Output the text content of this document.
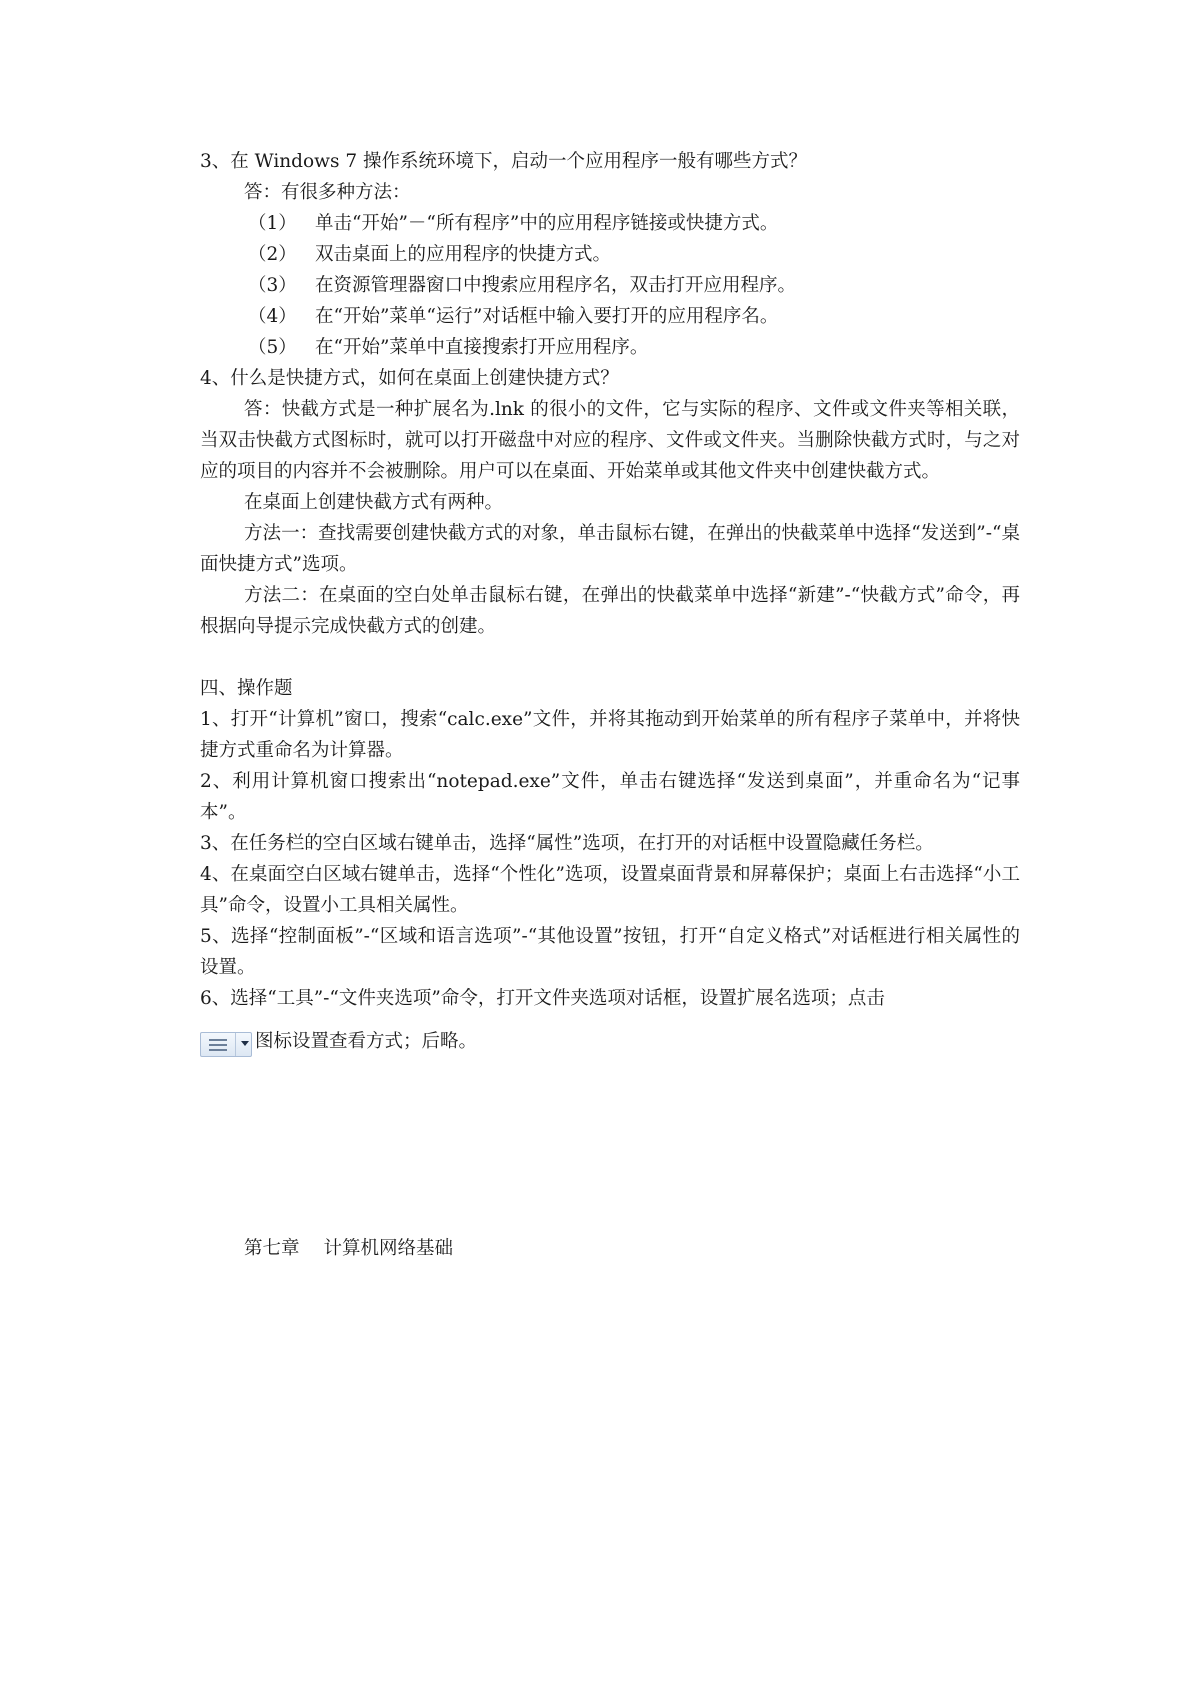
3、在 Windows 7 操作系统环境下，启动一个应用程序一般有哪些方式？

答：有很多种方法：

（1） 单击“开始”－“所有程序”中的应用程序链接或快捷方式。
（2） 双击桌面上的应用程序的快捷方式。
（3） 在资源管理器窗口中搜索应用程序名，双击打开应用程序。
（4） 在“开始”菜单“运行”对话框中输入要打开的应用程序名。
（5） 在“开始”菜单中直接搜索打开应用程序。

4、什么是快捷方式，如何在桌面上创建快捷方式？

答：快截方式是一种扩展名为.lnk 的很小的文件，它与实际的程序、文件或文件夹等相关联，当双击快截方式图标时，就可以打开磁盘中对应的程序、文件或文件夹。当删除快截方式时，与之对应的项目的内容并不会被删除。用户可以在桌面、开始菜单或其他文件夹中创建快截方式。

在桌面上创建快截方式有两种。

方法一：查找需要创建快截方式的对象，单击鼠标右键，在弹出的快截菜单中选择“发送到”-“桌面快捷方式”选项。

方法二：在桌面的空白处单击鼠标右键，在弹出的快截菜单中选择“新建”-“快截方式”命令，再根据向导提示完成快截方式的创建。

四、操作题

1、打开“计算机”窗口，搜索“calc.exe”文件，并将其拖动到开始菜单的所有程序子菜单中，并将快捷方式重命名为计算器。

2、利用计算机窗口搜索出“notepad.exe”文件，单击右键选择“发送到桌面”，并重命名为“记事本”。

3、在任务栏的空白区域右键单击，选择“属性”选项，在打开的对话框中设置隐藏任务栏。

4、在桌面空白区域右键单击，选择“个性化”选项，设置桌面背景和屏幕保护；桌面上右击选择“小工具”命令，设置小工具相关属性。

5、选择“控制面板”-“区域和语言选项”-“其他设置”按钮，打开“自定义格式”对话框进行相关属性的设置。

6、选择“工具”-“文件夹选项”命令，打开文件夹选项对话框，设置扩展名选项；点击

图标设置查看方式；后略。
第七章 计算机网络基础
